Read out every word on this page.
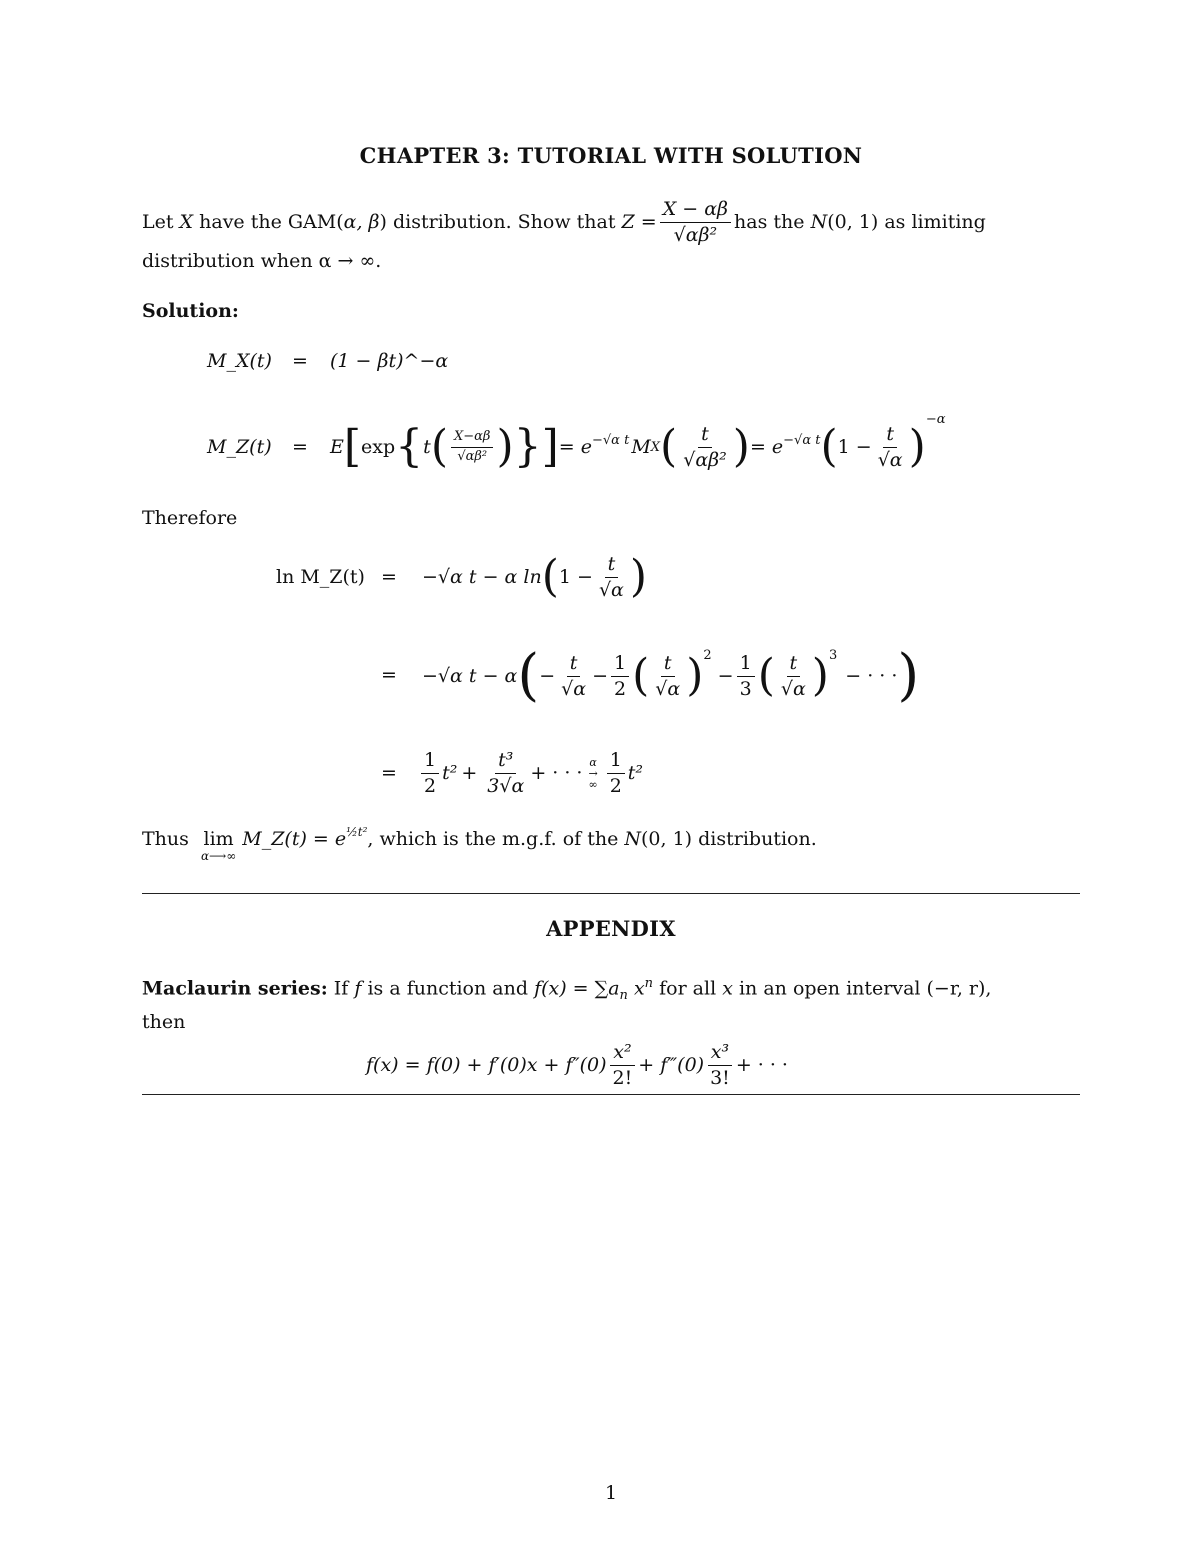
CHAPTER 3: TUTORIAL WITH SOLUTION
Let
X
have the GAM( α, β ) distribution. Show that
$Z = \frac{X - \alpha\beta}{\text{√αβ²}}$ has the
N (0, 1) as limiting
distribution when α → ∞.
Solution:
M_X(t) = (1 − βt)^−α
M_Z(t) = E [ exp { t ( $\frac{X-\alpha\beta}{\text{√αβ²}}$ ) } ] = e −√α t M X ( $\frac{t}{\text{√αβ²}}$ ) = e −√α t ( $1 - \frac{t}{√\alpha}$ )
−α
Therefore
ln M_Z(t) = −√α t − α ln ( $1 - \frac{t}{√\alpha}$ )
= −√α t − α ( − $\frac{t}{√\alpha} - \frac{1}{2}$ ( $\frac{t}{√\alpha}$ ) 2
− $\frac{1}{3}$ ( $\frac{t}{√\alpha}$ ) 3
− · · · )
= $\frac{1}{2} t^2 + \frac{\text{t³}}{3√\alpha}$ + · · · α
→
∞ $\frac{1}{2} t^2$
Thus
lim
α⟶∞
M_Z(t) = e ½t² , which is the m.g.f. of the
N (0, 1) distribution.
APPENDIX
Maclaurin series: If f is a function and $f(x) = \sum a_n$ $x^n$ for all x in an open interval (−r, r),
then
$f(x) = f(0) + f'(0)x + f''(0) \frac{\text{x²}}{2!}$ + f‴(0) $\frac{\text{x³}}{3!}$ + · · ·
1
